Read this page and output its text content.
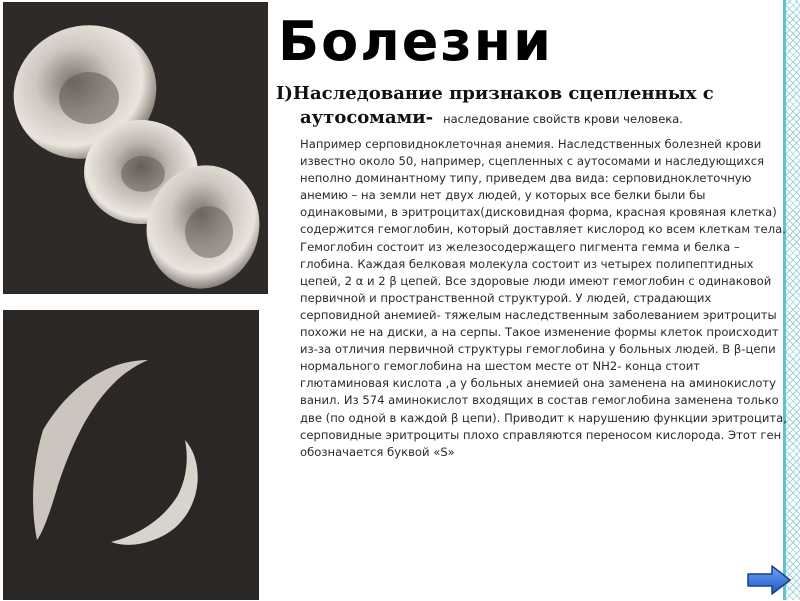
Болезни
I)Наследование признаков сцепленных с
аутосомами- наследование свойств крови человека.

Например серповидноклеточная анемия. Наследственных болезней крови известно около 50, например, сцепленных с аутосомами и наследующихся неполно доминантному типу, приведем два вида: серповидноклеточную анемию – на земли нет двух людей, у которых все белки были бы одинаковыми, в эритроцитах(дисковидная форма, красная кровяная клетка) содержится гемоглобин, который доставляет кислород ко всем клеткам тела. Гемоглобин состоит из железосодержащего пигмента гемма и белка – глобина. Каждая белковая молекула состоит из четырех полипептидных цепей, 2 α и 2 β цепей. Все здоровые люди имеют гемоглобин с одинаковой первичной и пространственной структурой. У людей, страдающих серповидной анемией- тяжелым наследственным заболеванием эритроциты похожи не на диски, а на серпы. Такое изменение формы клеток происходит из-за отличия первичной структуры гемоглобина у больных людей. В β-цепи нормального гемоглобина на шестом месте от NH2- конца стоит глютаминовая кислота ,а у больных анемией она заменена на аминокислоту ванил. Из 574 аминокислот входящих в состав гемоглобина заменена только две (по одной в каждой β цепи). Приводит к нарушению функции эритроцита, серповидные эритроциты плохо справляются переносом кислорода. Этот ген обозначается буквой «S»
